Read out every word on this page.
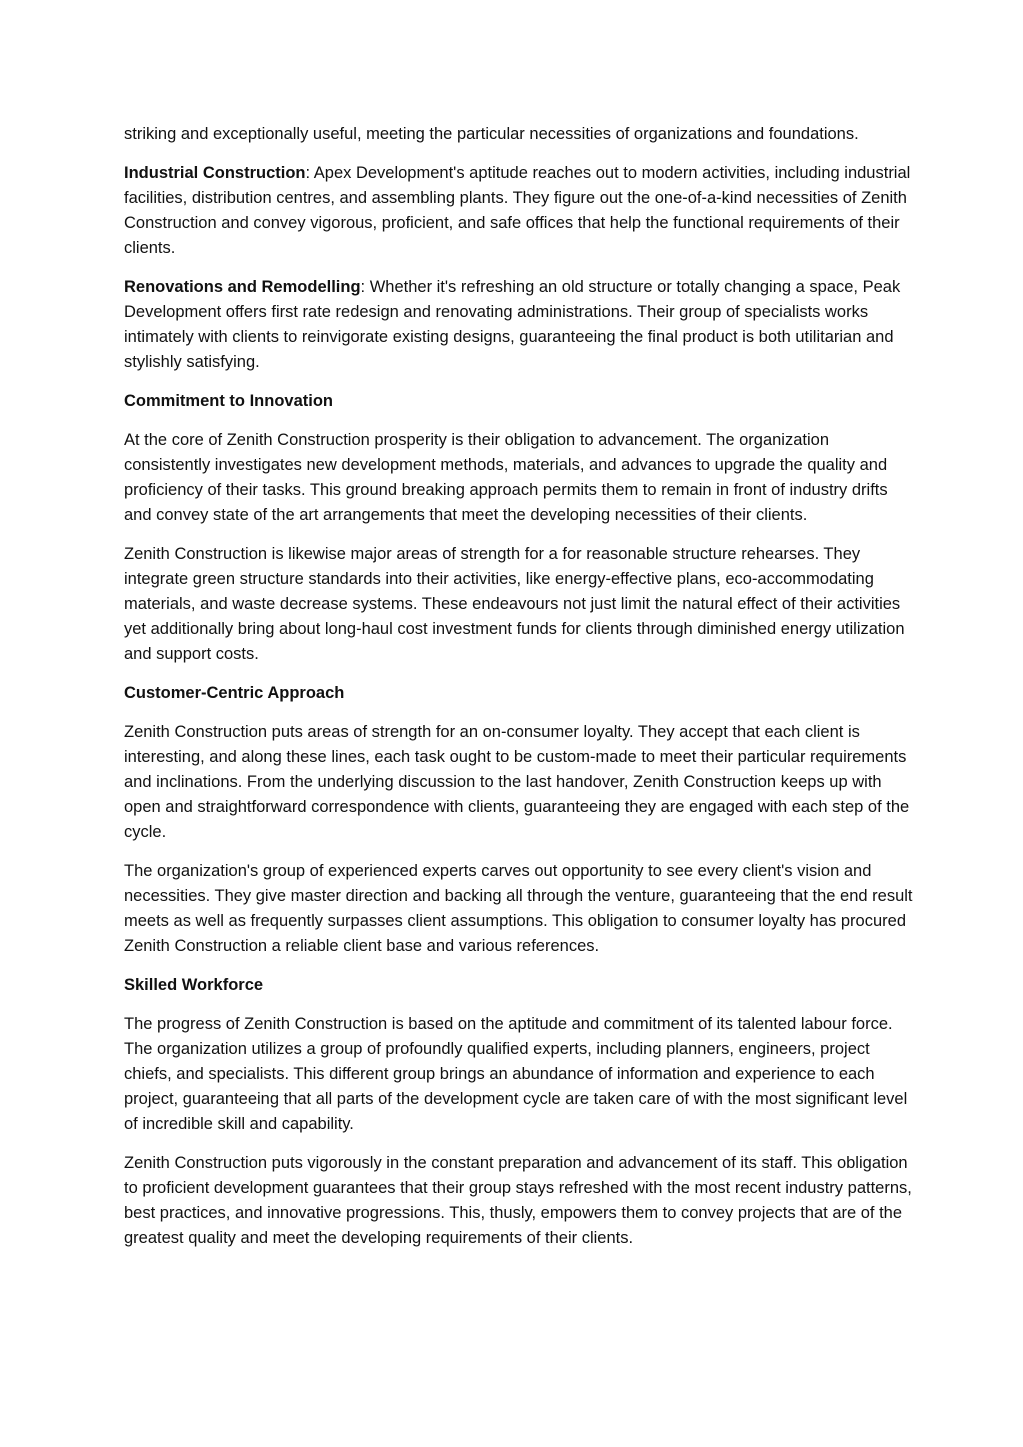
striking and exceptionally useful, meeting the particular necessities of organizations and foundations.

Industrial Construction: Apex Development's aptitude reaches out to modern activities, including industrial facilities, distribution centres, and assembling plants. They figure out the one-of-a-kind necessities of Zenith Construction and convey vigorous, proficient, and safe offices that help the functional requirements of their clients.

Renovations and Remodelling: Whether it's refreshing an old structure or totally changing a space, Peak Development offers first rate redesign and renovating administrations. Their group of specialists works intimately with clients to reinvigorate existing designs, guaranteeing the final product is both utilitarian and stylishly satisfying.

Commitment to Innovation

At the core of Zenith Construction prosperity is their obligation to advancement. The organization consistently investigates new development methods, materials, and advances to upgrade the quality and proficiency of their tasks. This ground breaking approach permits them to remain in front of industry drifts and convey state of the art arrangements that meet the developing necessities of their clients.

Zenith Construction is likewise major areas of strength for a for reasonable structure rehearses. They integrate green structure standards into their activities, like energy-effective plans, eco-accommodating materials, and waste decrease systems. These endeavours not just limit the natural effect of their activities yet additionally bring about long-haul cost investment funds for clients through diminished energy utilization and support costs.

Customer-Centric Approach

Zenith Construction puts areas of strength for an on-consumer loyalty. They accept that each client is interesting, and along these lines, each task ought to be custom-made to meet their particular requirements and inclinations. From the underlying discussion to the last handover, Zenith Construction keeps up with open and straightforward correspondence with clients, guaranteeing they are engaged with each step of the cycle.

The organization's group of experienced experts carves out opportunity to see every client's vision and necessities. They give master direction and backing all through the venture, guaranteeing that the end result meets as well as frequently surpasses client assumptions. This obligation to consumer loyalty has procured Zenith Construction a reliable client base and various references.

Skilled Workforce

The progress of Zenith Construction is based on the aptitude and commitment of its talented labour force. The organization utilizes a group of profoundly qualified experts, including planners, engineers, project chiefs, and specialists. This different group brings an abundance of information and experience to each project, guaranteeing that all parts of the development cycle are taken care of with the most significant level of incredible skill and capability.

Zenith Construction puts vigorously in the constant preparation and advancement of its staff. This obligation to proficient development guarantees that their group stays refreshed with the most recent industry patterns, best practices, and innovative progressions. This, thusly, empowers them to convey projects that are of the greatest quality and meet the developing requirements of their clients.
